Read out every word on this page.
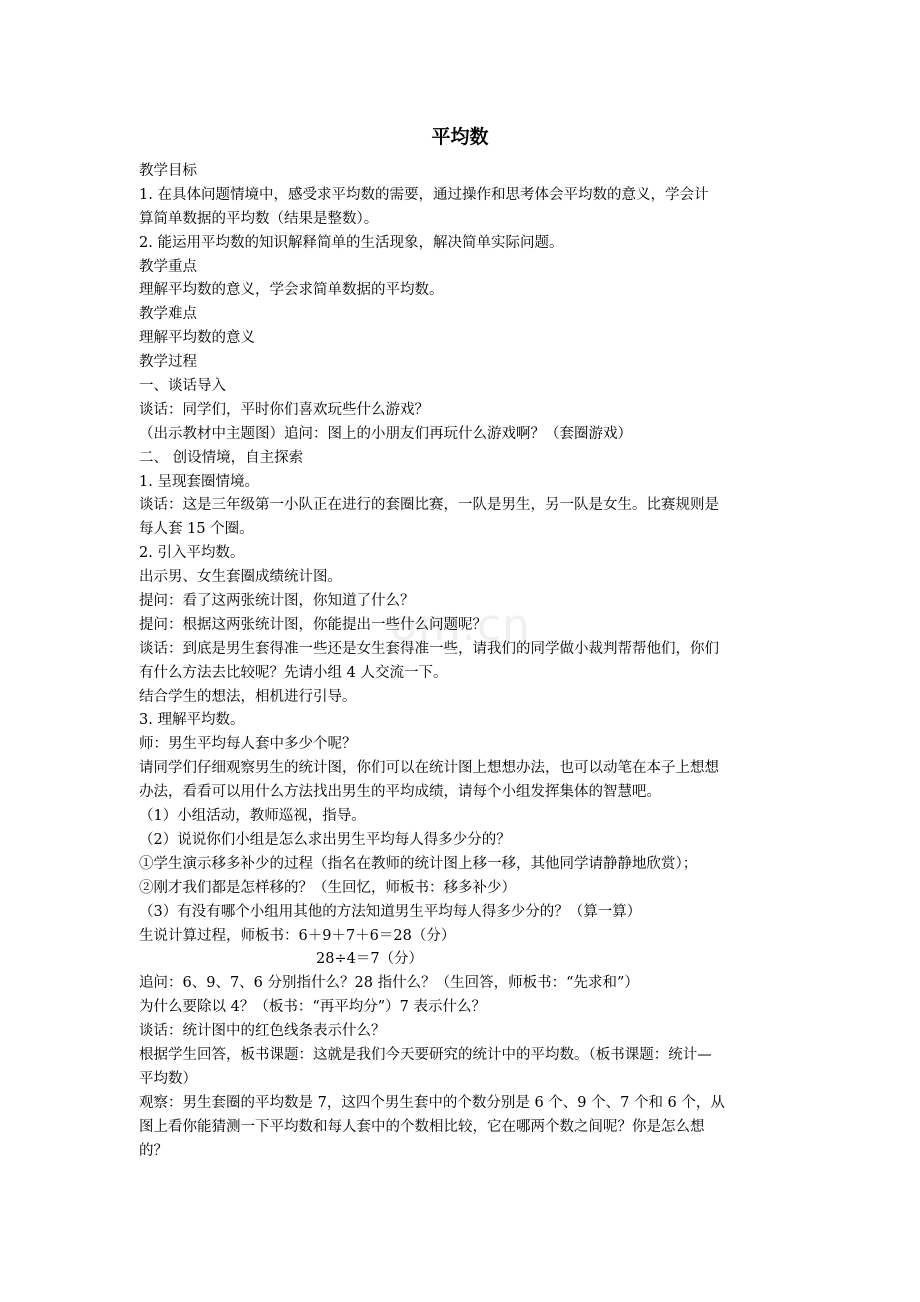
平均数
om.cn
教学目标
1. 在具体问题情境中，感受求平均数的需要，通过操作和思考体会平均数的意义，学会计
算简单数据的平均数（结果是整数）。
2. 能运用平均数的知识解释简单的生活现象，解决简单实际问题。
教学重点
理解平均数的意义，学会求简单数据的平均数。
教学难点
理解平均数的意义
教学过程
一、谈话导入
谈话：同学们，平时你们喜欢玩些什么游戏？
（出示教材中主题图）追问：图上的小朋友们再玩什么游戏啊？（套圈游戏）
二、 创设情境，自主探索
1. 呈现套圈情境。
谈话：这是三年级第一小队正在进行的套圈比赛，一队是男生，另一队是女生。比赛规则是
每人套 15 个圈。
2. 引入平均数。
出示男、女生套圈成绩统计图。
提问：看了这两张统计图，你知道了什么？
提问：根据这两张统计图，你能提出一些什么问题呢？
谈话：到底是男生套得准一些还是女生套得准一些，请我们的同学做小裁判帮帮他们，你们
有什么方法去比较呢？先请小组 4 人交流一下。
结合学生的想法，相机进行引导。
3. 理解平均数。
师：男生平均每人套中多少个呢？
请同学们仔细观察男生的统计图，你们可以在统计图上想想办法，也可以动笔在本子上想想
办法，看看可以用什么方法找出男生的平均成绩，请每个小组发挥集体的智慧吧。
（1）小组活动，教师巡视，指导。
（2）说说你们小组是怎么求出男生平均每人得多少分的？
①学生演示移多补少的过程（指名在教师的统计图上移一移，其他同学请静静地欣赏）；
②刚才我们都是怎样移的？（生回忆，师板书：移多补少）
（3）有没有哪个小组用其他的方法知道男生平均每人得多少分的？（算一算）
生说计算过程，师板书：6＋9＋7＋6＝28（分）
28÷4＝7（分）
追问：6、9、7、6 分别指什么？28 指什么？（生回答，师板书：“先求和”）
为什么要除以 4？（板书：“再平均分”）7 表示什么？
谈话：统计图中的红色线条表示什么？
根据学生回答，板书课题：这就是我们今天要研究的统计中的平均数。（板书课题：统计—
平均数）
观察：男生套圈的平均数是 7，这四个男生套中的个数分别是 6 个、9 个、7 个和 6 个，从
图上看你能猜测一下平均数和每人套中的个数相比较，它在哪两个数之间呢？你是怎么想
的？
